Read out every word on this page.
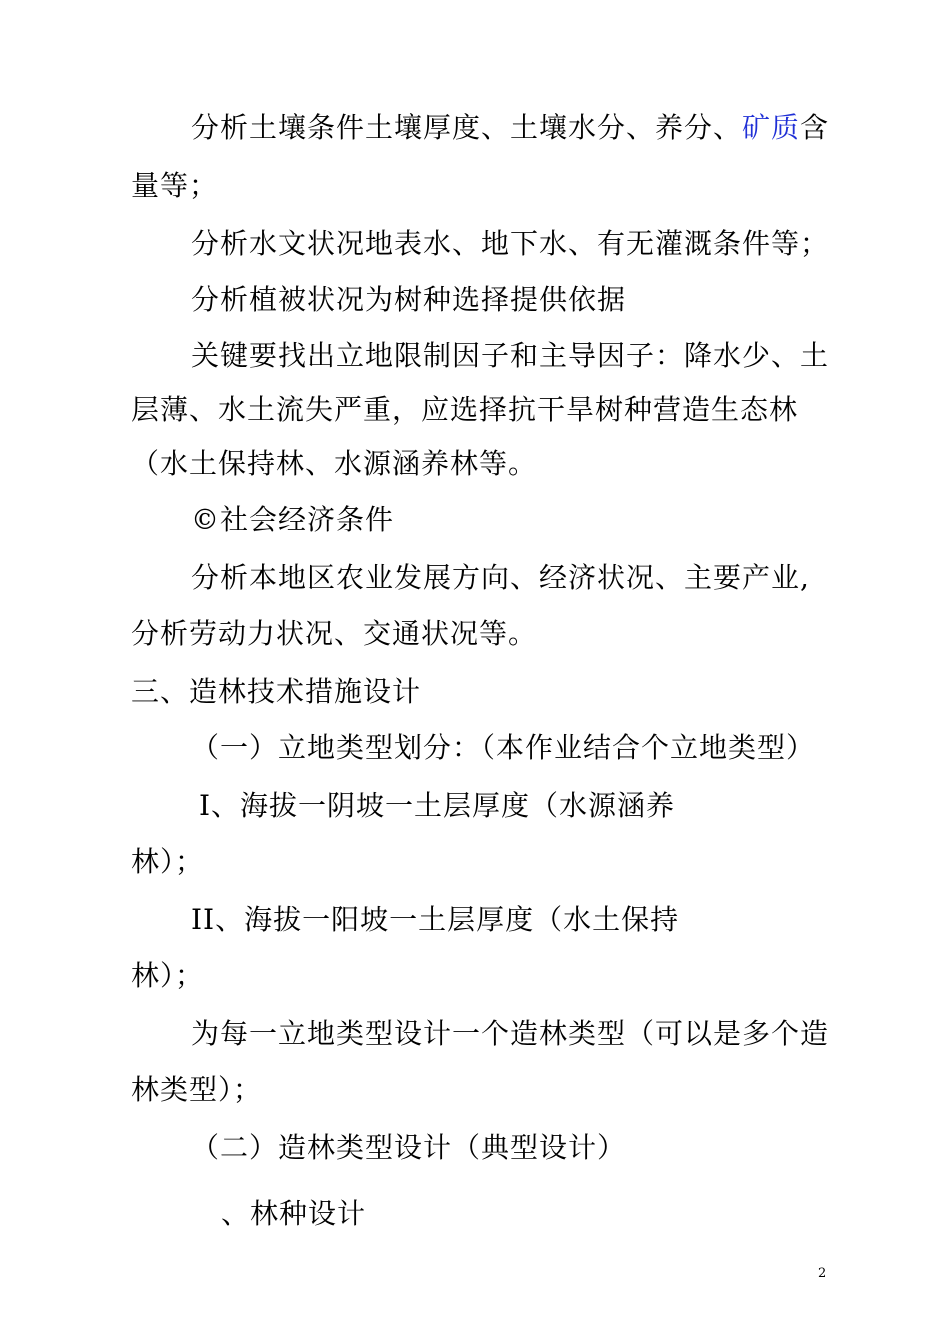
分析土壤条件土壤厚度、土壤水分、养分、矿质含
量等；
分析水文状况地表水、地下水、有无灌溉条件等；
分析植被状况为树种选择提供依据
关键要找出立地限制因子和主导因子：降水少、土
层薄、水土流失严重，应选择抗干旱树种营造生态林
（水土保持林、水源涵养林等。
©社会经济条件
分析本地区农业发展方向、经济状况、主要产业,
分析劳动力状况、交通状况等。
三、造林技术措施设计
（一）立地类型划分：（本作业结合个立地类型）
I、海拔一阴坡一土层厚度（水源涵养
林）；
II、海拔一阳坡一土层厚度（水土保持
林）；
为每一立地类型设计一个造林类型（可以是多个造
林类型）；
（二）造林类型设计（典型设计）
、林种设计
2
